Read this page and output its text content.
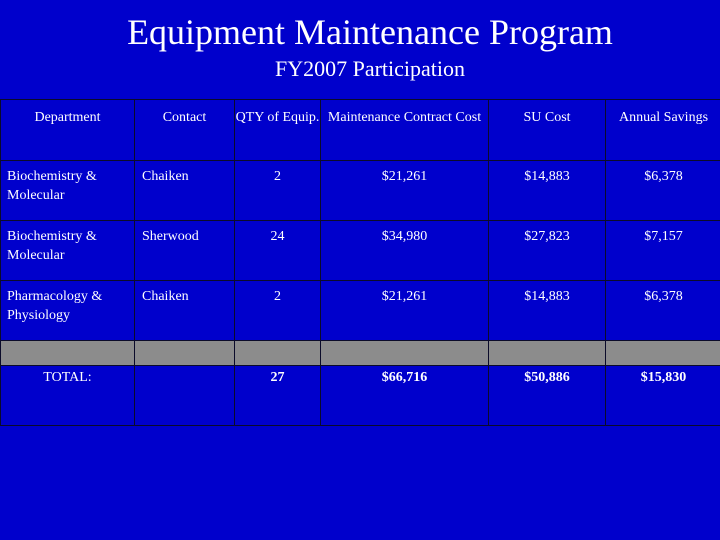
Equipment Maintenance Program
FY2007 Participation
Department	Contact	QTY of Equip.	Maintenance Contract Cost	SU Cost	Annual Savings
Biochemistry & Molecular	Chaiken	2	$21,261	$14,883	$6,378
Biochemistry & Molecular	Sherwood	24	$34,980	$27,823	$7,157
Pharmacology & Physiology	Chaiken	2	$21,261	$14,883	$6,378

TOTAL:		27	$66,716	$50,886	$15,830
